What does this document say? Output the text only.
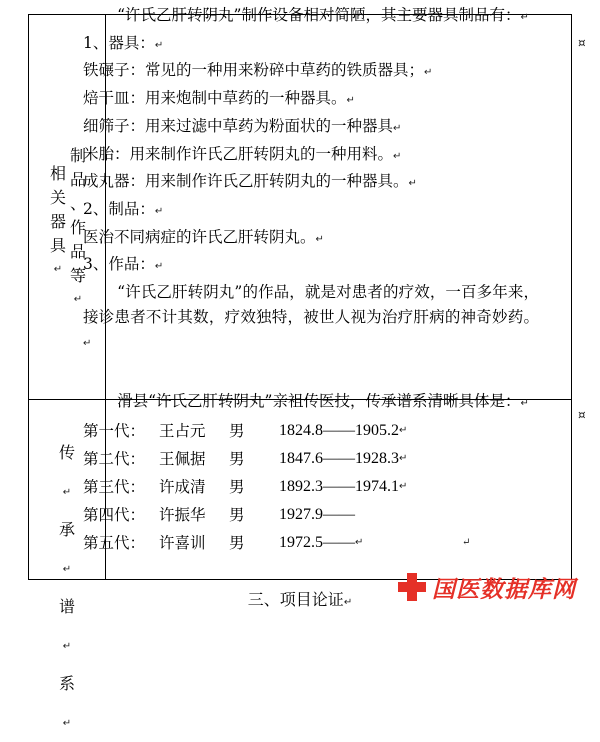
相
关
器
具
↵
制
品
、
作
品
等
↵
传↵
承↵
谱↵
系↵

“许氏乙肝转阴丸”制作设备相对简陋，其主要器具制品有：↵

1、器具：↵

铁碾子：常见的一种用来粉碎中草药的铁质器具；↵

焙干皿：用来炮制中草药的一种器具。↵

细筛子：用来过滤中草药为粉面状的一种器具↵

米胎：用来制作许氏乙肝转阴丸的一种用料。↵

成丸器：用来制作许氏乙肝转阴丸的一种器具。↵

2、制品：↵

医治不同病症的许氏乙肝转阴丸。↵

3、作品：↵

“许氏乙肝转阴丸”的作品，就是对患者的疗效，一百多年来，接诊患者不计其数，疗效独特，被世人视为治疗肝病的神奇妙药。↵

滑县“许氏乙肝转阴丸”亲祖传医技，传承谱系清晰具体是：↵

第一代： 王占元	男	1824.8——1905.2 ↵
第二代： 王佩据	男	1847.6——1928.3 ↵
第三代： 许成清	男	1892.3——1974.1 ↵
第四代： 许振华	男	1927.9——
第五代： 许喜训	男	1972.5—— ↵	↵
¤
¤
三、项目论证↵	国医数据库网
